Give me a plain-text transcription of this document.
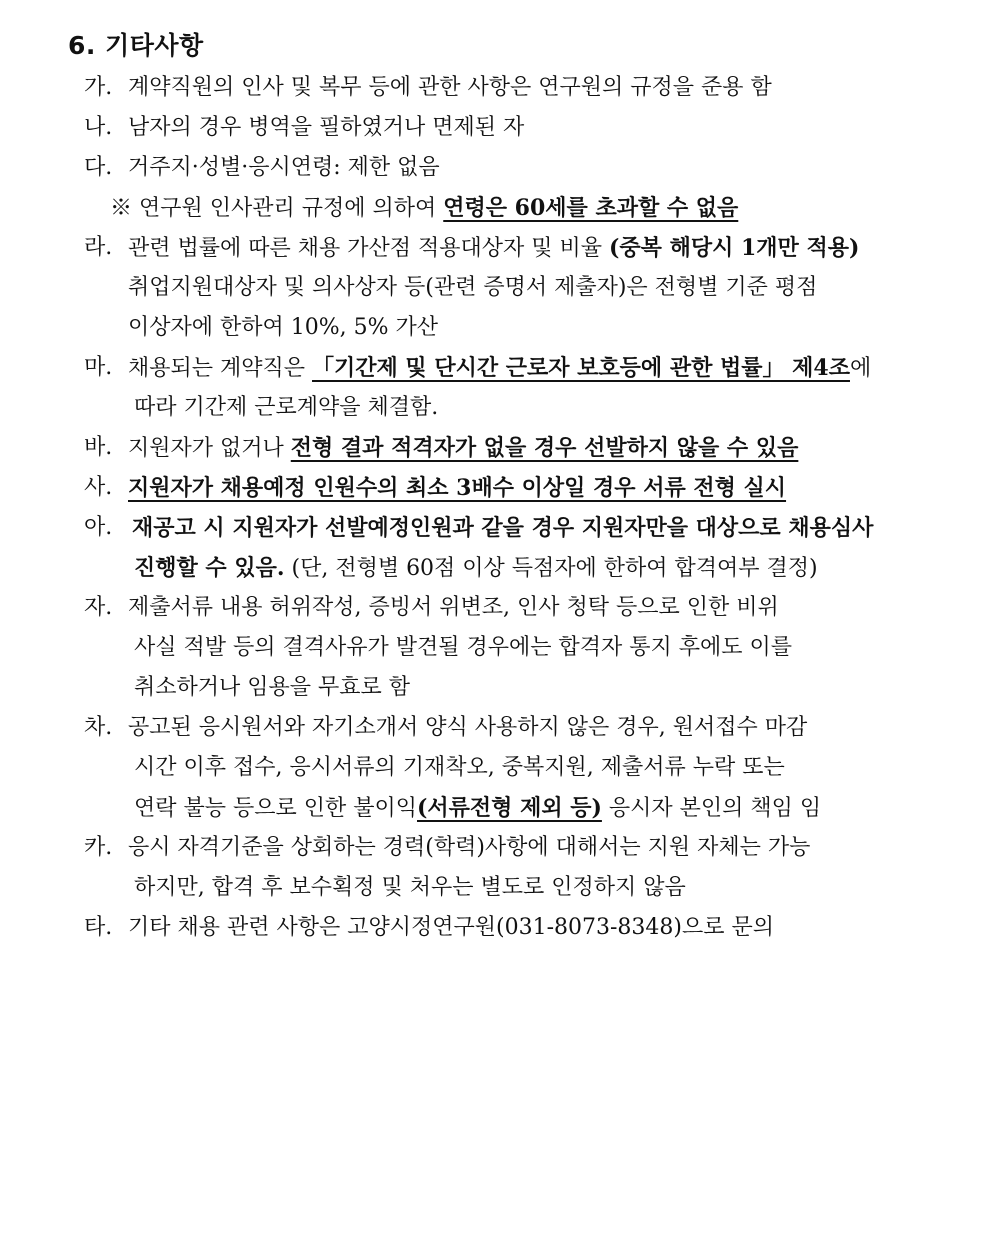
6. 기타사항
가. 계약직원의 인사 및 복무 등에 관한 사항은 연구원의 규정을 준용 함
나. 남자의 경우 병역을 필하였거나 면제된 자
다. 거주지·성별·응시연령: 제한 없음
※ 연구원 인사관리 규정에 의하여 연령은 60세를 초과할 수 없음
라. 관련 법률에 따른 채용 가산점 적용대상자 및 비율 (중복 해당시 1개만 적용)
취업지원대상자 및 의사상자 등(관련 증명서 제출자)은 전형별 기준 평점
이상자에 한하여 10%, 5% 가산
마. 채용되는 계약직은 「기간제 및 단시간 근로자 보호등에 관한 법률」 제4조에
따라 기간제 근로계약을 체결함.
바. 지원자가 없거나 전형 결과 적격자가 없을 경우 선발하지 않을 수 있음
사. 지원자가 채용예정 인원수의 최소 3배수 이상일 경우 서류 전형 실시
아. 재공고 시 지원자가 선발예정인원과 같을 경우 지원자만을 대상으로 채용심사
진행할 수 있음. (단, 전형별 60점 이상 득점자에 한하여 합격여부 결정)
자. 제출서류 내용 허위작성, 증빙서 위변조, 인사 청탁 등으로 인한 비위
사실 적발 등의 결격사유가 발견될 경우에는 합격자 통지 후에도 이를
취소하거나 임용을 무효로 함
차. 공고된 응시원서와 자기소개서 양식 사용하지 않은 경우, 원서접수 마감
시간 이후 접수, 응시서류의 기재착오, 중복지원, 제출서류 누락 또는
연락 불능 등으로 인한 불이익(서류전형 제외 등) 응시자 본인의 책임 임
카. 응시 자격기준을 상회하는 경력(학력)사항에 대해서는 지원 자체는 가능
하지만, 합격 후 보수획정 및 처우는 별도로 인정하지 않음
타. 기타 채용 관련 사항은 고양시정연구원(031-8073-8348)으로 문의
